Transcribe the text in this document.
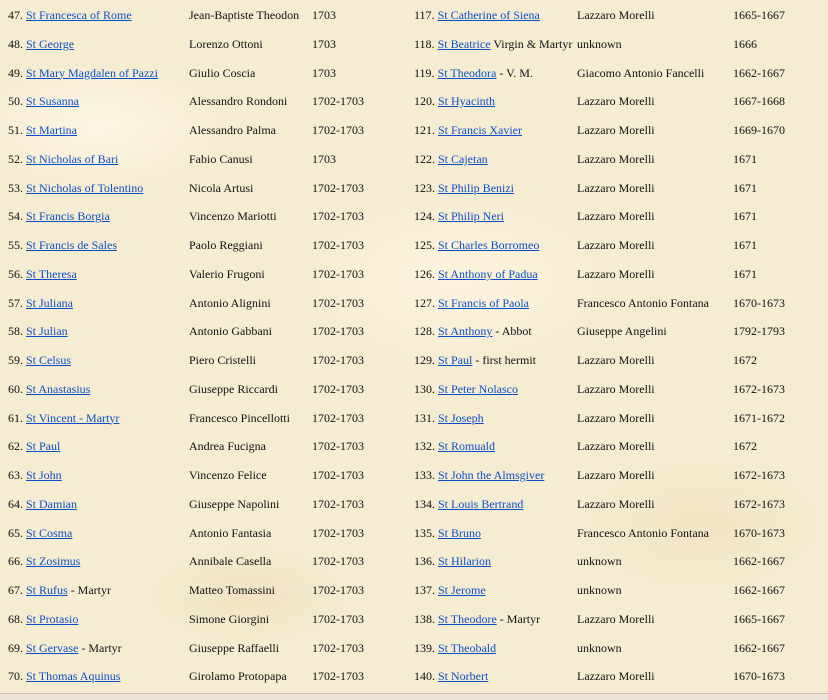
47. St Francesca of Rome	Jean-Baptiste Theodon 1703	117. St Catherine of Siena	Lazzaro Morelli	1665-1667
48. St George	Lorenzo Ottoni	1703	118. St Beatrice Virgin & Martyr unknown	1666
49. St Mary Magdalen of Pazzi	Giulio Coscia	1703	119. St Theodora - V. M.	Giacomo Antonio Fancelli 1662-1667
50. St Susanna	Alessandro Rondoni 1702-1703	120. St Hyacinth	Lazzaro Morelli	1667-1668
51. St Martina	Alessandro Palma	1702-1703	121. St Francis Xavier	Lazzaro Morelli	1669-1670
52. St Nicholas of Bari	Fabio Canusi	1703	122. St Cajetan	Lazzaro Morelli	1671
53. St Nicholas of Tolentino	Nicola Artusi	1702-1703	123. St Philip Benizi	Lazzaro Morelli	1671
54. St Francis Borgia	Vincenzo Mariotti	1702-1703	124. St Philip Neri	Lazzaro Morelli	1671
55. St Francis de Sales	Paolo Reggiani	1702-1703	125. St Charles Borromeo	Lazzaro Morelli	1671
56. St Theresa	Valerio Frugoni	1702-1703	126. St Anthony of Padua	Lazzaro Morelli	1671
57. St Juliana	Antonio Alignini	1702-1703	127. St Francis of Paola	Francesco Antonio Fontana 1670-1673
58. St Julian	Antonio Gabbani	1702-1703	128. St Anthony - Abbot	Giuseppe Angelini	1792-1793
59. St Celsus	Piero Cristelli	1702-1703	129. St Paul - first hermit	Lazzaro Morelli	1672
60. St Anastasius	Giuseppe Riccardi	1702-1703	130. St Peter Nolasco	Lazzaro Morelli	1672-1673
61. St Vincent - Martyr	Francesco Pincellotti 1702-1703	131. St Joseph	Lazzaro Morelli	1671-1672
62. St Paul	Andrea Fucigna	1702-1703	132. St Romuald	Lazzaro Morelli	1672
63. St John	Vincenzo Felice	1702-1703	133. St John the Almsgiver	Lazzaro Morelli	1672-1673
64. St Damian	Giuseppe Napolini	1702-1703	134. St Louis Bertrand	Lazzaro Morelli	1672-1673
65. St Cosma	Antonio Fantasia	1702-1703	135. St Bruno	Francesco Antonio Fontana 1670-1673
66. St Zosimus	Annibale Casella	1702-1703	136. St Hilarion	unknown	1662-1667
67. St Rufus - Martyr	Matteo Tomassini	1702-1703	137. St Jerome	unknown	1662-1667
68. St Protasio	Simone Giorgini	1702-1703	138. St Theodore - Martyr	Lazzaro Morelli	1665-1667
69. St Gervase - Martyr	Giuseppe Raffaelli	1702-1703	139. St Theobald	unknown	1662-1667
70. St Thomas Aquinus	Girolamo Protopapa 1702-1703	140. St Norbert	Lazzaro Morelli	1670-1673
